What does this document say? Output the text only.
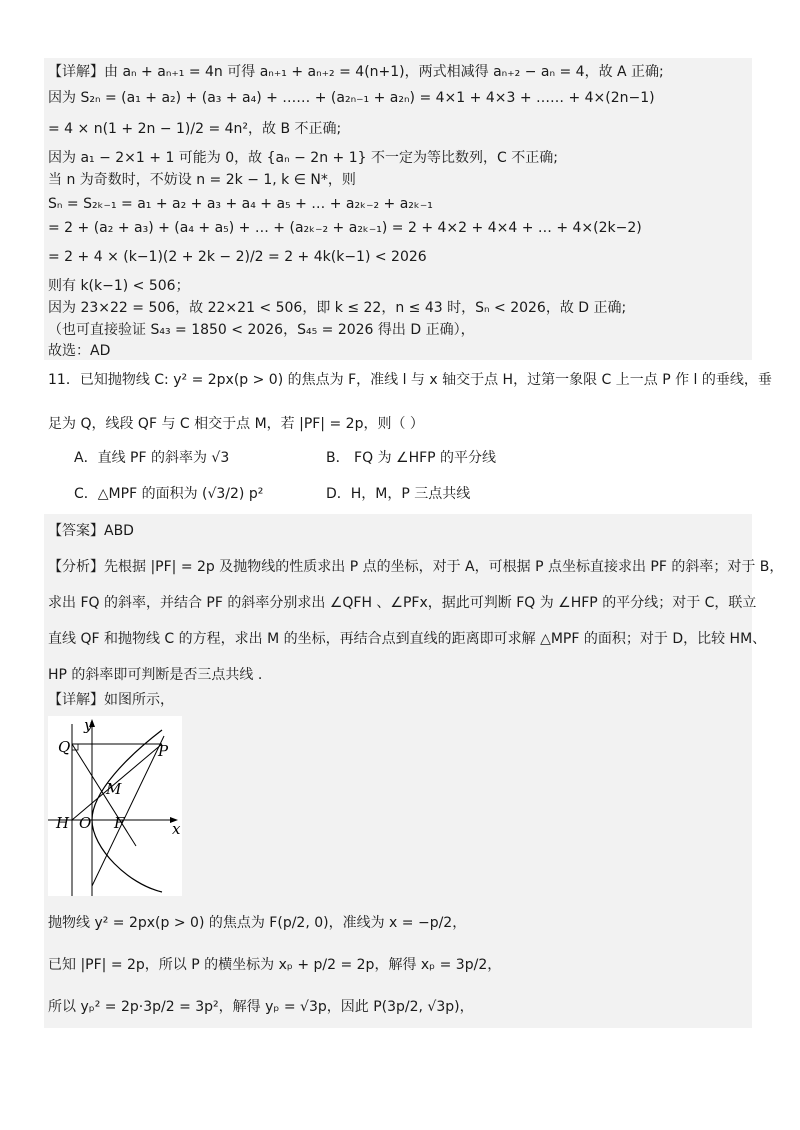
【详解】由 aₙ + aₙ₊₁ = 4n 可得 aₙ₊₁ + aₙ₊₂ = 4(n+1)，两式相减得 aₙ₊₂ − aₙ = 4，故 A 正确;
因为 S₂ₙ = (a₁ + a₂) + (a₃ + a₄) + …… + (a₂ₙ₋₁ + a₂ₙ) = 4×1 + 4×3 + …… + 4×(2n−1)
= 4 × n(1 + 2n − 1)/2 = 4n²，故 B 不正确;
因为 a₁ − 2×1 + 1 可能为 0，故 {aₙ − 2n + 1} 不一定为等比数列，C 不正确;
当 n 为奇数时，不妨设 n = 2k − 1, k ∈ N*，则
Sₙ = S₂ₖ₋₁ = a₁ + a₂ + a₃ + a₄ + a₅ + … + a₂ₖ₋₂ + a₂ₖ₋₁
= 2 + (a₂ + a₃) + (a₄ + a₅) + … + (a₂ₖ₋₂ + a₂ₖ₋₁) = 2 + 4×2 + 4×4 + … + 4×(2k−2)
= 2 + 4 × (k−1)(2 + 2k − 2)/2 = 2 + 4k(k−1) < 2026
则有 k(k−1) < 506；
因为 23×22 = 506，故 22×21 < 506，即 k ≤ 22，n ≤ 43 时，Sₙ < 2026，故 D 正确;
（也可直接验证 S₄₃ = 1850 < 2026，S₄₅ = 2026 得出 D 正确），
故选：AD
11．已知抛物线 C: y² = 2px(p > 0) 的焦点为 F，准线 l 与 x 轴交于点 H，过第一象限 C 上一点 P 作 l 的垂线，垂
足为 Q，线段 QF 与 C 相交于点 M，若 |PF| = 2p，则（ ）
A．直线 PF 的斜率为 √3	B． FQ 为 ∠HFP 的平分线
C．△MPF 的面积为 (√3/2) p²	D．H，M，P 三点共线
【答案】ABD
【分析】先根据 |PF| = 2p 及抛物线的性质求出 P 点的坐标，对于 A，可根据 P 点坐标直接求出 PF 的斜率；对于 B，
求出 FQ 的斜率，并结合 PF 的斜率分别求出 ∠QFH 、∠PFx，据此可判断 FQ 为 ∠HFP 的平分线；对于 C，联立
直线 QF 和抛物线 C 的方程，求出 M 的坐标，再结合点到直线的距离即可求解 △MPF 的面积；对于 D，比较 HM、
HP 的斜率即可判断是否三点共线 .
【详解】如图所示，
y
x
Q	P
M
H O F
抛物线 y² = 2px(p > 0) 的焦点为 F(p/2, 0)，准线为 x = −p/2，
已知 |PF| = 2p，所以 P 的横坐标为 xₚ + p/2 = 2p，解得 xₚ = 3p/2，
所以 yₚ² = 2p·3p/2 = 3p²，解得 yₚ = √3p，因此 P(3p/2, √3p)，
